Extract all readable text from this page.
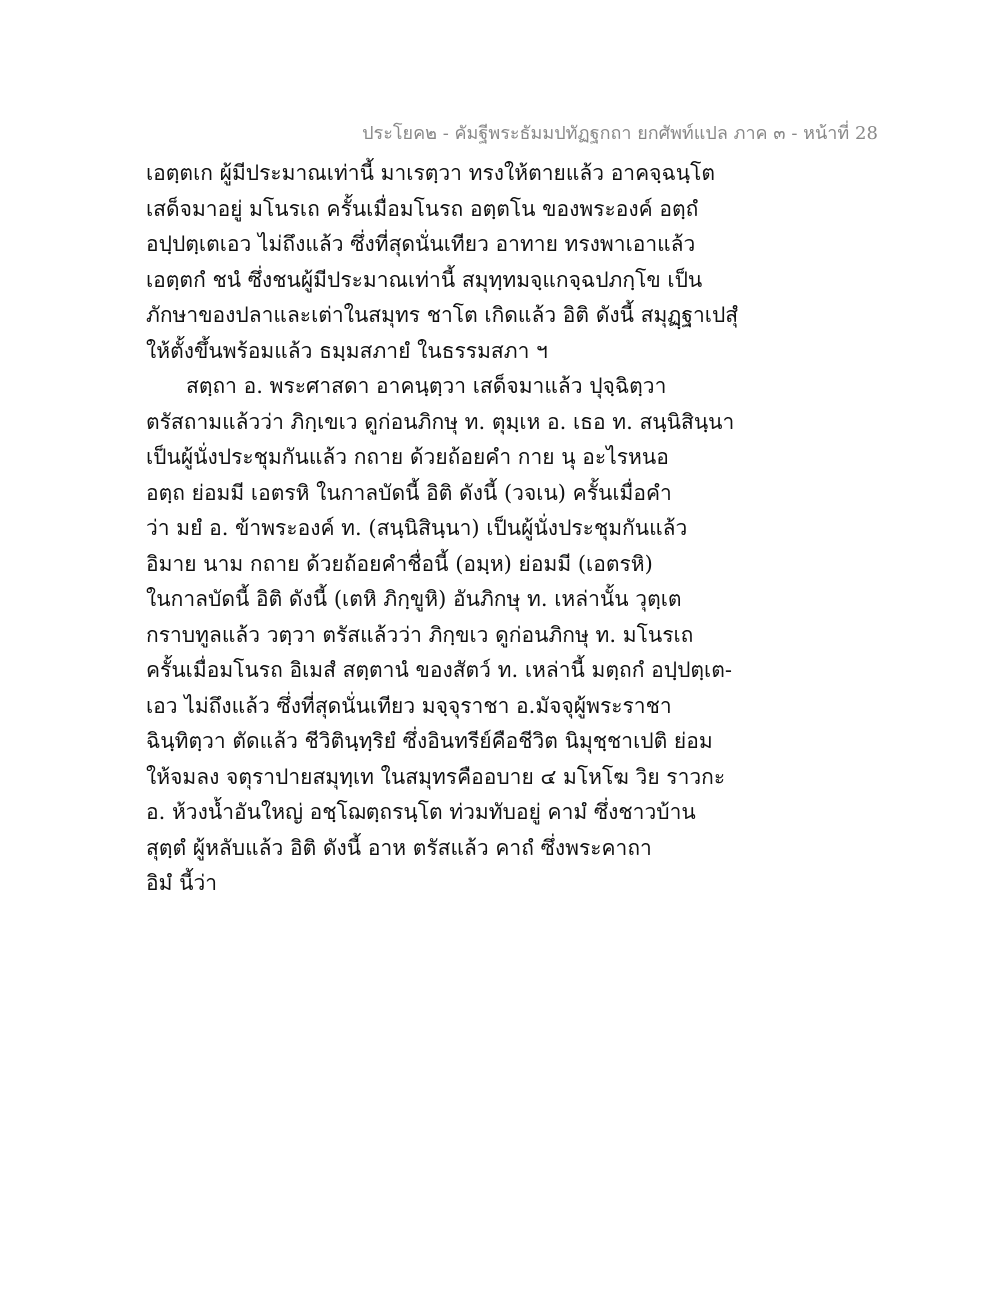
ประโยค๒ - คัมฐีพระธัมมปทัฏฐกถา ยกศัพท์แปล ภาค ๓ - หน้าที่ 28
เอตฺตเก ผู้มีประมาณเท่านี้ มาเรตฺวา ทรงให้ตายแล้ว อาคจฺฉนฺโต
เสด็จมาอยู่ มโนรเถ ครั้นเมื่อมโนรถ อตฺตโน ของพระองค์ อตฺถํ
อปฺปตฺเตเอว ไม่ถึงแล้ว ซึ่งที่สุดนั่นเทียว อาทาย ทรงพาเอาแล้ว
เอตฺตกํ ชนํ ซึ่งชนผู้มีประมาณเท่านี้ สมุทฺทมจฺแกจฺฉปภกฺโข เป็น
ภักษาของปลาและเต่าในสมุทร ชาโต เกิดแล้ว อิติ ดังนี้ สมุฏฺฐาเปสุํ
ให้ตั้งขึ้นพร้อมแล้ว ธมฺมสภายํ ในธรรมสภา ฯ
สตฺถา อ. พระศาสดา อาคนฺตฺวา เสด็จมาแล้ว ปุจฺฉิตฺวา
ตรัสถามแล้วว่า ภิกฺเขเว ดูก่อนภิกษุ ท. ตุมฺเห อ. เธอ ท. สนฺนิสินฺนา
เป็นผู้นั่งประชุมกันแล้ว กถาย ด้วยถ้อยคำ กาย นุ อะไรหนอ
อตฺถ ย่อมมี เอตรหิ ในกาลบัดนี้ อิติ ดังนี้ (วจเน) ครั้นเมื่อคำ
ว่า มยํ อ. ข้าพระองค์ ท. (สนฺนิสินฺนา) เป็นผู้นั่งประชุมกันแล้ว
อิมาย นาม กถาย ด้วยถ้อยคำชื่อนี้ (อมฺห) ย่อมมี (เอตรหิ)
ในกาลบัดนี้ อิติ ดังนี้ (เตหิ ภิกฺขูหิ) อันภิกษุ ท. เหล่านั้น วุตฺเต
กราบทูลแล้ว วตฺวา ตรัสแล้วว่า ภิกฺขเว ดูก่อนภิกษุ ท. มโนรเถ
ครั้นเมื่อมโนรถ อิเมสํ สตฺตานํ ของสัตว์ ท. เหล่านี้ มตฺถกํ อปฺปตฺเต-
เอว ไม่ถึงแล้ว ซึ่งที่สุดนั่นเทียว มจฺจุราชา อ.มัจจุผู้พระราชา
ฉินฺทิตฺวา ตัดแล้ว ชีวิตินฺทฺริยํ ซึ่งอินทรีย์คือชีวิต นิมุชฺชาเปติ ย่อม
ให้จมลง จตุราปายสมุทฺเท ในสมุทรคืออบาย ๔ มโหโฆ วิย ราวกะ
อ. ห้วงน้ำอันใหญ่ อชฺโฌตฺถรนฺโต ท่วมทับอยู่ คามํ ซึ่งชาวบ้าน
สุตฺตํ ผู้หลับแล้ว อิติ ดังนี้ อาห ตรัสแล้ว คาถํ ซึ่งพระคาถา
อิมํ นี้ว่า
